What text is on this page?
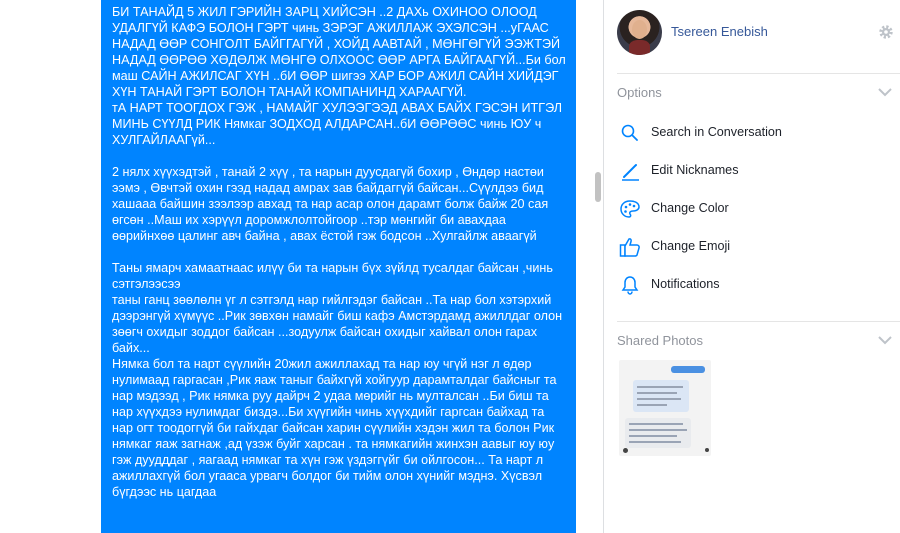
БИ ТАНАЙД 5 ЖИЛ ГЭРИЙН ЗАРЦ ХИЙСЭН ..2 ДАХь ОХИНОО ОЛООД УДАЛГҮЙ КАФЭ БОЛОН ГЭРТ чинь ЗЭРЭГ АЖИЛЛАЖ ЭХЭЛСЭН ...уГААС НАДАД ӨӨР СОНГОЛТ БАЙГГАГҮЙ , ХОЙД ААВТАЙ , МӨНГӨГҮЙ ЭЭЖТЭЙ НАДАД ӨӨРӨӨ ХӨДӨЛЖ МӨНГӨ ОЛХООС ӨӨР АРГА БАЙГААГҮЙ...Би бол маш САЙН АЖИЛСАГ ХҮН ..бИ ӨӨР шигээ ХАР БОР АЖИЛ САЙН ХИЙДЭГ ХҮН ТАНАЙ ГЭРТ БОЛОН ТАНАЙ КОМПАНИНД ХАРААГҮЙ.
тА НАРТ ТООГДОХ ГЭЖ , НАМАЙГ ХУЛЭЭГЭЭД АВАХ БАЙХ ГЭСЭН ИТГЭЛ МИНЬ СҮҮЛД РИК Нямкаг ЗОДХОД АЛДАРСАН..бИ ӨӨРӨӨС чинь ЮУ ч ХУЛГАЙЛААГүй...

2 нялх хүүхэдтэй , танай 2 хүү , та нарын дуусдагүй бохир , Өндөр настөи ээмэ , Өвчтэй охин гээд надад амрах зав байдаггүй байсан...Сүүлдээ бид хашааа байшин зээлээр авхад та нар асар олон дарамт болж байж 20 сая өгсөн ..Маш их хэрүүл доромжлолтойгоор ..тэр мөнгийг би авахдаа өөрийнхөө цалинг авч байна , авах ёстой гэж бодсон ..Хулгайлж аваагүй

Таны ямарч хамаатнаас илүү би та нарын бүх зүйлд тусалдаг байсан ,чинь сэтгэлээсээ
таны ганц зөөлөлн үг л сэтгэлд нар гийлгэдэг байсан ..Та нар бол хэтэрхий дээрэнгүй хүмүүс ..Рик зөвхөн намайг биш кафэ Амстэрдамд ажиллдаг олон зөөгч охидыг зоддог байсан ...зодуулж байсан охидыг хайвал олон гарах байх...
Нямка бол та нарт сүүлийн 20жил ажиллахад та нар юу чгүй нэг л өдөр нулимаад гаргасан ,Рик яаж таныг байхгүй хойгуур дарамталдаг байсныг та нар мэдээд , Рик нямка руу дайрч 2 удаа мөрийг нь мулталсан ..Би биш та нар хүүхдээ нулимдаг биздэ...Би хүүгийн чинь хүүхдийг гаргсан байхад та нар огт тоодоггүй би гайхдаг байсан харин сүүлийн хэдэн жил та болон Рик нямкаг яаж загнаж ,ад үзэж буйг харсан . та нямкагийн жинхэн аавыг юу юу гэж дуудддаг , яагаад нямкаг та хүн гэж үздэггүйг би ойлгосон... Та нарт л ажиллахгүй бол угааса урвагч болдог би тийм олон хүнийг мэднэ. Хүсвэл бүгдээс нь цагдаа

Tsereen Enebish
Options
Search in Conversation
Edit Nicknames
Change Color
Change Emoji
Notifications
Shared Photos
